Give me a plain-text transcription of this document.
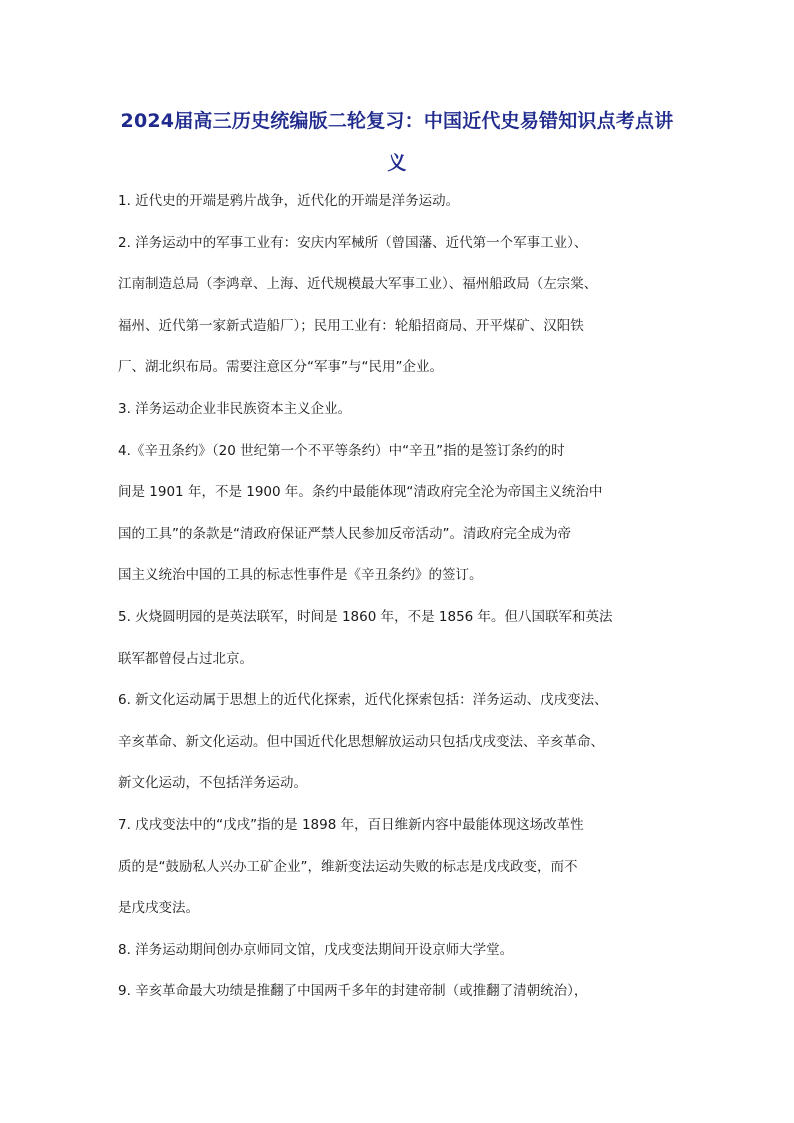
2024届高三历史统编版二轮复习：中国近代史易错知识点考点讲
义
1. 近代史的开端是鸦片战争，近代化的开端是洋务运动。
2. 洋务运动中的军事工业有：安庆内军械所（曾国藩、近代第一个军事工业）、
江南制造总局（李鸿章、上海、近代规模最大军事工业）、福州船政局（左宗棠、
福州、近代第一家新式造船厂）；民用工业有：轮船招商局、开平煤矿、汉阳铁
厂、湖北织布局。需要注意区分“军事”与“民用”企业。
3. 洋务运动企业非民族资本主义企业。
4.《辛丑条约》（20 世纪第一个不平等条约）中“辛丑”指的是签订条约的时
间是 1901 年，不是 1900 年。条约中最能体现“清政府完全沦为帝国主义统治中
国的工具”的条款是“清政府保证严禁人民参加反帝活动”。清政府完全成为帝
国主义统治中国的工具的标志性事件是《辛丑条约》的签订。
5. 火烧圆明园的是英法联军，时间是 1860 年，不是 1856 年。但八国联军和英法
联军都曾侵占过北京。
6. 新文化运动属于思想上的近代化探索，近代化探索包括：洋务运动、戊戌变法、
辛亥革命、新文化运动。但中国近代化思想解放运动只包括戊戌变法、辛亥革命、
新文化运动，不包括洋务运动。
7. 戊戌变法中的“戊戌”指的是 1898 年，百日维新内容中最能体现这场改革性
质的是“鼓励私人兴办工矿企业”，维新变法运动失败的标志是戊戌政变，而不
是戊戌变法。
8. 洋务运动期间创办京师同文馆，戊戌变法期间开设京师大学堂。
9. 辛亥革命最大功绩是推翻了中国两千多年的封建帝制（或推翻了清朝统治），
